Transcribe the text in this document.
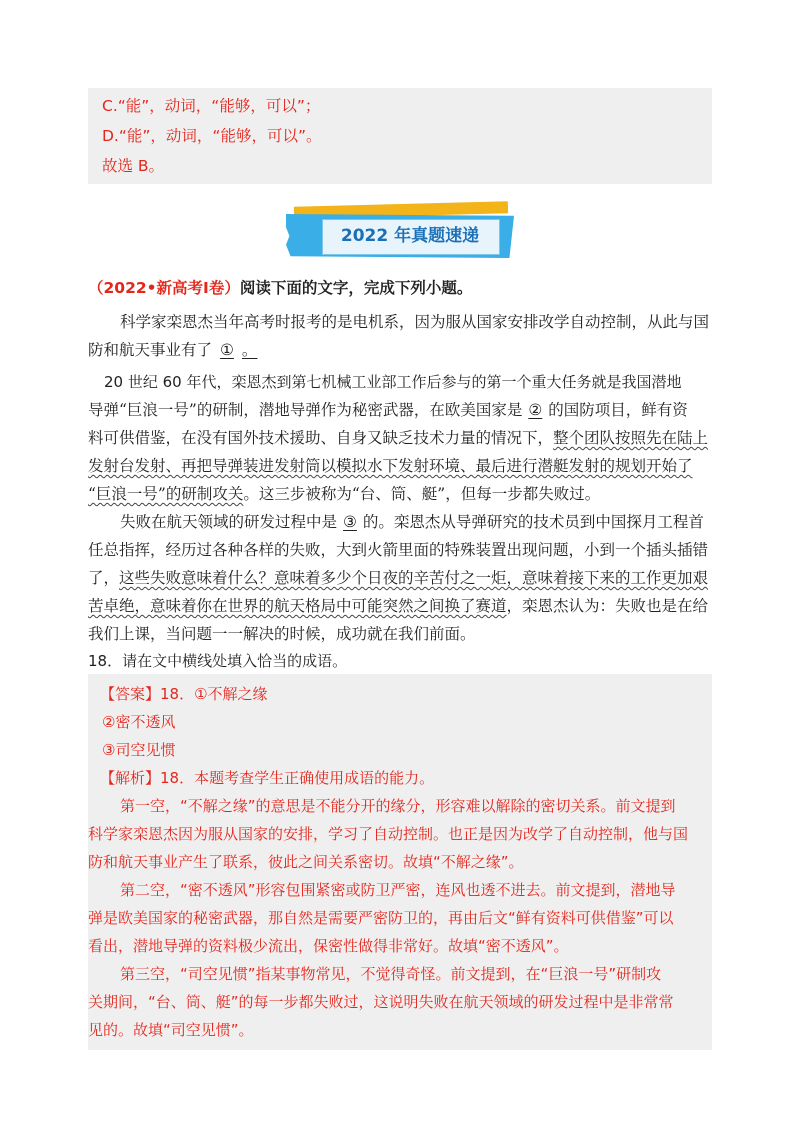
C.“能”，动词，“能够，可以”；
D.“能”，动词，“能够，可以”。
故选 B。
2022 年真题速递
（2022•新高考Ⅰ卷）阅读下面的文字，完成下列小题。
科学家栾恩杰当年高考时报考的是电机系，因为服从国家安排改学自动控制，从此与国
防和航天事业有了 ① 。
20 世纪 60 年代，栾恩杰到第七机械工业部工作后参与的第一个重大任务就是我国潜地
导弹“巨浪一号”的研制，潜地导弹作为秘密武器，在欧美国家是 ② 的国防项目，鲜有资
料可供借鉴，在没有国外技术援助、自身又缺乏技术力量的情况下，整个团队按照先在陆上
发射台发射、再把导弹装进发射筒以模拟水下发射环境、最后进行潜艇发射的规划开始了
“巨浪一号”的研制攻关。这三步被称为“台、筒、艇”，但每一步都失败过。
失败在航天领域的研发过程中是 ③ 的。栾恩杰从导弹研究的技术员到中国探月工程首
任总指挥，经历过各种各样的失败，大到火箭里面的特殊装置出现问题，小到一个插头插错
了，这些失败意味着什么？意味着多少个日夜的辛苦付之一炬，意味着接下来的工作更加艰
苦卓绝，意味着你在世界的航天格局中可能突然之间换了赛道，栾恩杰认为：失败也是在给
我们上课，当问题一一解决的时候，成功就在我们前面。
18．请在文中横线处填入恰当的成语。
【答案】18．①不解之缘
②密不透风
③司空见惯
【解析】18．本题考查学生正确使用成语的能力。
第一空，“不解之缘”的意思是不能分开的缘分，形容难以解除的密切关系。前文提到
科学家栾恩杰因为服从国家的安排，学习了自动控制。也正是因为改学了自动控制，他与国
防和航天事业产生了联系，彼此之间关系密切。故填“不解之缘”。
第二空，“密不透风”形容包围紧密或防卫严密，连风也透不进去。前文提到，潜地导
弹是欧美国家的秘密武器，那自然是需要严密防卫的，再由后文“鲜有资料可供借鉴”可以
看出，潜地导弹的资料极少流出，保密性做得非常好。故填“密不透风”。
第三空，“司空见惯”指某事物常见，不觉得奇怪。前文提到，在“巨浪一号”研制攻
关期间，“台、筒、艇”的每一步都失败过，这说明失败在航天领域的研发过程中是非常常
见的。故填“司空见惯”。
